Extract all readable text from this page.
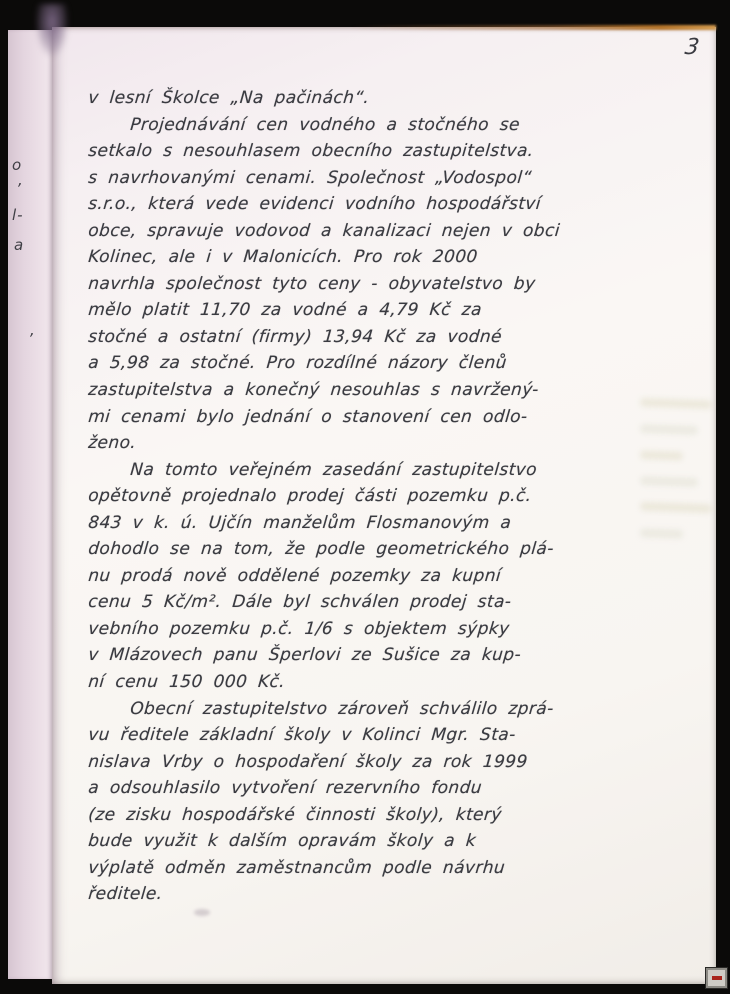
o
’
l-
a
’
3
v lesní Školce „Na pačinách“.
Projednávání cen vodného a stočného se
setkalo s nesouhlasem obecního zastupitelstva.
s navrhovanými cenami. Společnost „Vodospol“
s.r.o., která vede evidenci vodního hospodářství
obce, spravuje vodovod a kanalizaci nejen v obci
Kolinec, ale i v Malonicích. Pro rok 2000
navrhla společnost tyto ceny - obyvatelstvo by
mělo platit 11,70 za vodné a 4,79 Kč za
stočné a ostatní (firmy) 13,94 Kč za vodné
a 5,98 za stočné. Pro rozdílné názory členů
zastupitelstva a konečný nesouhlas s navržený-
mi cenami bylo jednání o stanovení cen odlo-
ženo.
Na tomto veřejném zasedání zastupitelstvo
opětovně projednalo prodej části pozemku p.č.
843 v k. ú. Ujčín manželům Flosmanovým a
dohodlo se na tom, že podle geometrického plá-
nu prodá nově oddělené pozemky za kupní
cenu 5 Kč/m². Dále byl schválen prodej sta-
vebního pozemku p.č. 1/6 s objektem sýpky
v Mlázovech panu Šperlovi ze Sušice za kup-
ní cenu 150 000 Kč.
Obecní zastupitelstvo zároveň schválilo zprá-
vu ředitele základní školy v Kolinci Mgr. Sta-
nislava Vrby o hospodaření školy za rok 1999
a odsouhlasilo vytvoření rezervního fondu
(ze zisku hospodářské činnosti školy), který
bude využit k dalším opravám školy a k
výplatě odměn zaměstnancům podle návrhu
ředitele.
